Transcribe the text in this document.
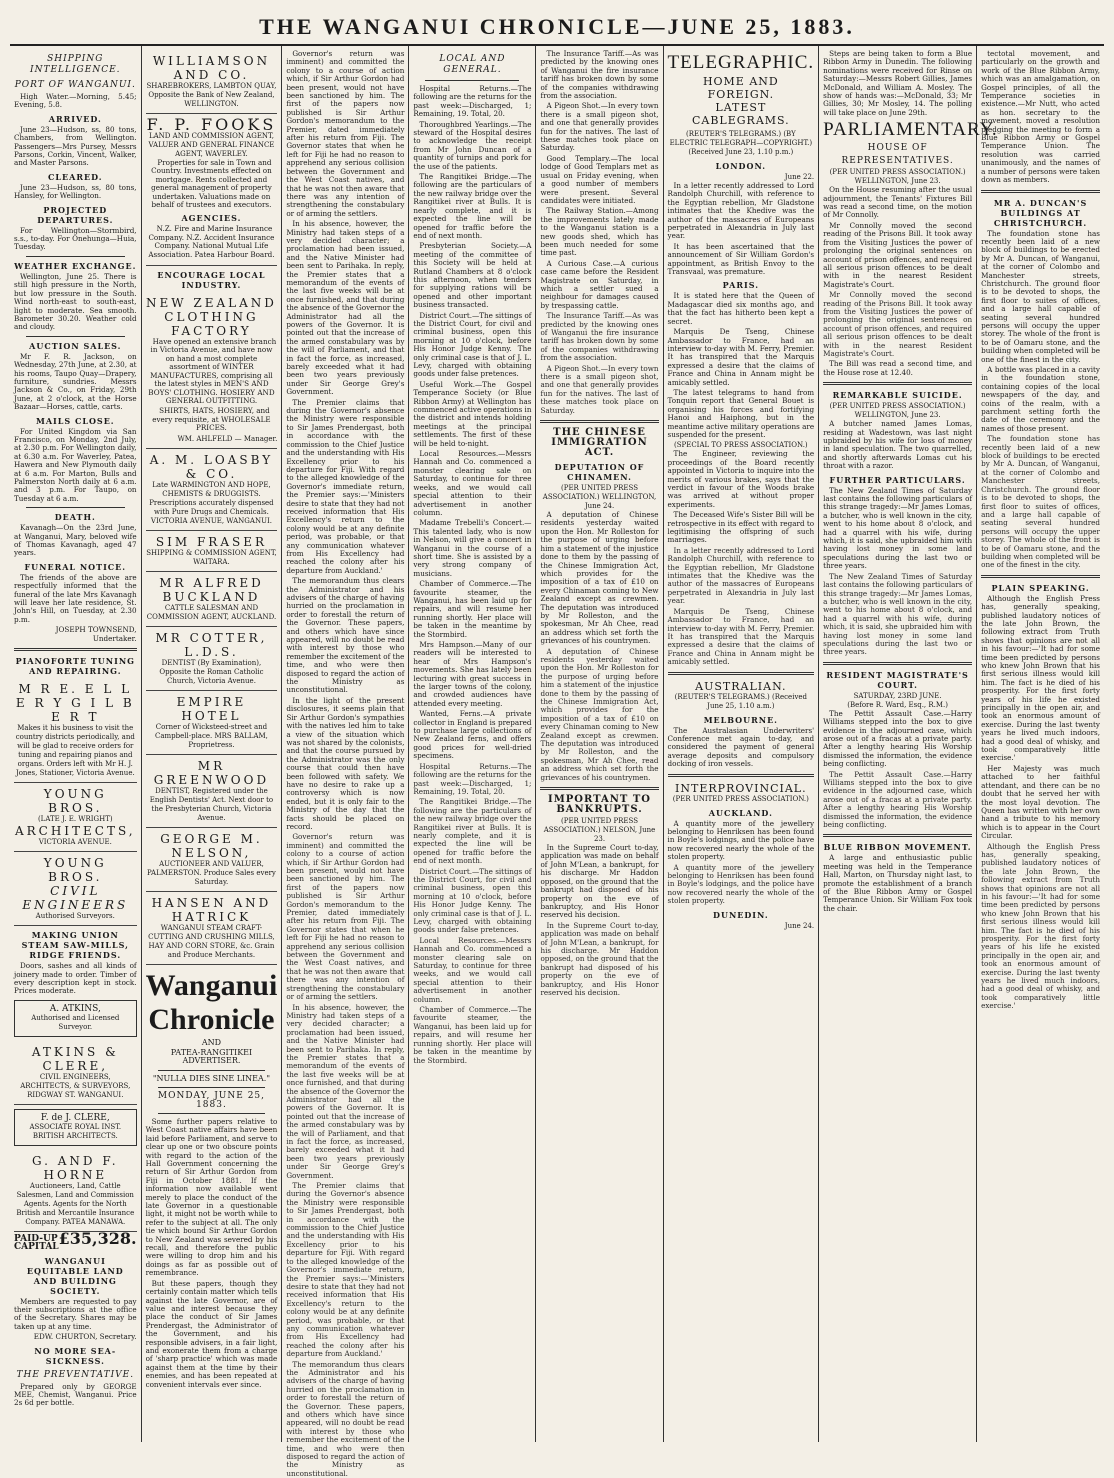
THE WANGANUI CHRONICLE—JUNE 25, 1883.
SHIPPING INTELLIGENCE.
PORT OF WANGANUI.

High Water.—Morning, 5.45; Evening, 5.8.

ARRIVED.

June 23—Hudson, ss, 80 tons, Chambers, from Wellington. Passengers—Mrs Pursey, Messrs Parsons, Corkin, Vincent, Walker, and Master Parsons.

CLEARED.

June 23—Hudson, ss, 80 tons, Hansley, for Wellington.

PROJECTED DEPARTURES.

For Wellington—Stormbird, s.s., to-day. For Onehunga—Huia, Tuesday.

WEATHER EXCHANGE.

Wellington, June 25. There is still high pressure in the North, but low pressure in the South. Wind north-east to south-east, light to moderate. Sea smooth. Barometer 30.20. Weather cold and cloudy.

AUCTION SALES.

Mr F. R. Jackson, on Wednesday, 27th June, at 2.30, at his rooms, Taupo Quay—Drapery, furniture, sundries. Messrs Jackson & Co., on Friday, 29th June, at 2 o'clock, at the Horse Bazaar—Horses, cattle, carts.

MAILS CLOSE.

For United Kingdom via San Francisco, on Monday, 2nd July, at 2.30 p.m. For Wellington daily, at 6.30 a.m. For Waverley, Patea, Hawera and New Plymouth daily at 6 a.m. For Marton, Bulls and Palmerston North daily at 6 a.m. and 3 p.m. For Taupo, on Tuesday at 6 a.m.

DEATH.

Kavanagh—On the 23rd June, at Wanganui, Mary, beloved wife of Thomas Kavanagh, aged 47 years.

FUNERAL NOTICE.

The friends of the above are respectfully informed that the funeral of the late Mrs Kavanagh will leave her late residence, St. John's Hill, on Tuesday, at 2.30 p.m.

JOSEPH TOWNSEND, Undertaker.

PIANOFORTE TUNING AND REPAIRING.
M R E. E L L E R Y G I L B E R T
Makes it his business to visit the country districts periodically, and will be glad to receive orders for tuning and repairing pianos and organs. Orders left with Mr H. J. Jones, Stationer, Victoria Avenue.
YOUNG BROS.
(LATE J. E. WRIGHT)
ARCHITECTS,
VICTORIA AVENUE.
YOUNG BROS.
CIVIL ENGINEERS
Authorised Surveyors.
MAKING UNION STEAM SAW-MILLS, RIDGE FRIENDS.

Doors, sashes and all kinds of joinery made to order. Timber of every description kept in stock. Prices moderate.

A. ATKINS,
Authorised and Licensed Surveyor.
ATKINS & CLERE,
CIVIL ENGINEERS, ARCHITECTS, & SURVEYORS, RIDGWAY ST. WANGANUI.
F. de J. CLERE,
ASSOCIATE ROYAL INST. BRITISH ARCHITECTS.
G. AND F. HORNE
Auctioneers, Land, Cattle Salesmen, Land and Commission Agents. Agents for the North British and Mercantile Insurance Company. PATEA MANAWA.
PAID-UP CAPITAL £35,328.
WANGANUI EQUITABLE LAND AND BUILDING SOCIETY.

Members are requested to pay their subscriptions at the office of the Secretary. Shares may be taken up at any time.

EDW. CHURTON, Secretary.

NO MORE SEA-SICKNESS.
THE PREVENTATIVE.

Prepared only by GEORGE MEE, Chemist, Wanganui. Price 2s 6d per bottle.

WILLIAMSON AND CO.
SHAREBROKERS, LAMBTON QUAY, Opposite the Bank of New Zealand, WELLINGTON.
F. P. FOOKS
LAND AND COMMISSION AGENT, VALUER AND GENERAL FINANCE AGENT, WAVERLEY.

Properties for sale in Town and Country. Investments effected on mortgage. Rents collected and general management of property undertaken. Valuations made on behalf of trustees and executors.

AGENCIES.

N.Z. Fire and Marine Insurance Company. N.Z. Accident Insurance Company. National Mutual Life Association. Patea Harbour Board.

ENCOURAGE LOCAL INDUSTRY.
NEW ZEALAND CLOTHING FACTORY

Have opened an extensive branch in Victoria Avenue, and have now on hand a most complete assortment of WINTER MANUFACTURES, comprising all the latest styles in MEN'S AND BOYS' CLOTHING. HOSIERY AND GENERAL OUTFITTING.

SHIRTS, HATS, HOSIERY, and every requisite, at WHOLESALE PRICES.

WM. AHLFELD — Manager.
A. M. LOASBY & CO.
Late WARMINGTON AND HOPE, CHEMISTS & DRUGGISTS.
Prescriptions accurately dispensed with Pure Drugs and Chemicals. VICTORIA AVENUE, WANGANUI.
SIM FRASER
SHIPPING & COMMISSION AGENT, WAITARA.
MR ALFRED BUCKLAND
CATTLE SALESMAN AND COMMISSION AGENT, AUCKLAND.
MR COTTER, L.D.S.
DENTIST (By Examination), Opposite the Roman Catholic Church, Victoria Avenue.
EMPIRE HOTEL
Corner of Wicksteed-street and Campbell-place. MRS BALLAM, Proprietress.
MR GREENWOOD
DENTIST, Registered under the English Dentists' Act. Next door to the Presbyterian Church, Victoria Avenue.
GEORGE M. NELSON,
AUCTIONEER AND VALUER, PALMERSTON. Produce Sales every Saturday.
HANSEN AND HATRICK
WANGANUI STEAM CRAFT-CUTTING AND CRUSHING MILLS, HAY AND CORN STORE, &c. Grain and Produce Merchants.
Wanganui Chronicle
AND
PATEA-RANGITIKEI ADVERTISER.
"NULLA DIES SINE LINEA."
MONDAY, JUNE 25, 1883.

Some further papers relative to West Coast native affairs have been laid before Parliament, and serve to clear up one or two obscure points with regard to the action of the Hall Government concerning the return of Sir Arthur Gordon from Fiji in October 1881. If the information now available went merely to place the conduct of the late Governor in a questionable light, it might not be worth while to refer to the subject at all. The only tie which bound Sir Arthur Gordon to New Zealand was severed by his recall, and therefore the public were willing to drop him and his doings as far as possible out of remembrance.

But these papers, though they certainly contain matter which tells against the late Governor, are of value and interest because they place the conduct of Sir James Prendergast, the Administrator of the Government, and his responsible advisers, in a fair light, and exonerate them from a charge of 'sharp practice' which was made against them at the time by their enemies, and has been repeated at convenient intervals ever since.

Governor's return was imminent) and committed the colony to a course of action which, if Sir Arthur Gordon had been present, would not have been sanctioned by him. The first of the papers now published is Sir Arthur Gordon's memorandum to the Premier, dated immediately after his return from Fiji. The Governor states that when he left for Fiji he had no reason to apprehend any serious collision between the Government and the West Coast natives, and that he was not then aware that there was any intention of strengthening the constabulary or of arming the settlers.

In his absence, however, the Ministry had taken steps of a very decided character; a proclamation had been issued, and the Native Minister had been sent to Parihaka. In reply, the Premier states that a memorandum of the events of the last five weeks will be at once furnished, and that during the absence of the Governor the Administrator had all the powers of the Governor. It is pointed out that the increase of the armed constabulary was by the will of Parliament, and that in fact the force, as increased, barely exceeded what it had been two years previously under Sir George Grey's Government.

The Premier claims that during the Governor's absence the Ministry were responsible to Sir James Prendergast, both in accordance with the commission to the Chief Justice and the understanding with His Excellency prior to his departure for Fiji. With regard to the alleged knowledge of the Governor's immediate return, the Premier says:—'Ministers desire to state that they had not received information that His Excellency's return to the colony would be at any definite period, was probable, or that any communication whatever from His Excellency had reached the colony after his departure from Auckland.'

The memorandum thus clears the Administrator and his advisers of the charge of having hurried on the proclamation in order to forestall the return of the Governor. These papers, and others which have since appeared, will no doubt be read with interest by those who remember the excitement of the time, and who were then disposed to regard the action of the Ministry as unconstitutional.

In the light of the present disclosures, it seems plain that Sir Arthur Gordon's sympathies with the natives led him to take a view of the situation which was not shared by the colonists, and that the course pursued by the Administrator was the only course that could then have been followed with safety. We have no desire to rake up a controversy which is now ended, but it is only fair to the Ministry of the day that the facts should be placed on record.

Governor's return was imminent) and committed the colony to a course of action which, if Sir Arthur Gordon had been present, would not have been sanctioned by him. The first of the papers now published is Sir Arthur Gordon's memorandum to the Premier, dated immediately after his return from Fiji. The Governor states that when he left for Fiji he had no reason to apprehend any serious collision between the Government and the West Coast natives, and that he was not then aware that there was any intention of strengthening the constabulary or of arming the settlers.

In his absence, however, the Ministry had taken steps of a very decided character; a proclamation had been issued, and the Native Minister had been sent to Parihaka. In reply, the Premier states that a memorandum of the events of the last five weeks will be at once furnished, and that during the absence of the Governor the Administrator had all the powers of the Governor. It is pointed out that the increase of the armed constabulary was by the will of Parliament, and that in fact the force, as increased, barely exceeded what it had been two years previously under Sir George Grey's Government.

The Premier claims that during the Governor's absence the Ministry were responsible to Sir James Prendergast, both in accordance with the commission to the Chief Justice and the understanding with His Excellency prior to his departure for Fiji. With regard to the alleged knowledge of the Governor's immediate return, the Premier says:—'Ministers desire to state that they had not received information that His Excellency's return to the colony would be at any definite period, was probable, or that any communication whatever from His Excellency had reached the colony after his departure from Auckland.'

The memorandum thus clears the Administrator and his advisers of the charge of having hurried on the proclamation in order to forestall the return of the Governor. These papers, and others which have since appeared, will no doubt be read with interest by those who remember the excitement of the time, and who were then disposed to regard the action of the Ministry as unconstitutional.

LOCAL AND GENERAL.

Hospital Returns.—The following are the returns for the past week:—Discharged, 1; Remaining, 19. Total, 20.

Thoroughbred Yearlings.—The steward of the Hospital desires to acknowledge the receipt from Mr John Duncan of a quantity of turnips and pork for the use of the patients.

The Rangitikei Bridge.—The following are the particulars of the new railway bridge over the Rangitikei river at Bulls. It is nearly complete, and it is expected the line will be opened for traffic before the end of next month.

Presbyterian Society.—A meeting of the committee of this Society will be held at Rutland Chambers at 8 o'clock this afternoon, when tenders for supplying rations will be opened and other important business transacted.

District Court.—The sittings of the District Court, for civil and criminal business, open this morning at 10 o'clock, before His Honor Judge Kenny. The only criminal case is that of J. L. Levy, charged with obtaining goods under false pretences.

Useful Work.—The Gospel Temperance Society (or Blue Ribbon Army) at Wellington has commenced active operations in the district and intends holding meetings at the principal settlements. The first of these will be held to-night.

Local Resources.—Messrs Hannah and Co. commenced a monster clearing sale on Saturday, to continue for three weeks, and we would call special attention to their advertisement in another column.

Madame Trebelli's Concert.—This talented lady, who is now in Nelson, will give a concert in Wanganui in the course of a short time. She is assisted by a very strong company of musicians.

Chamber of Commerce.—The favourite steamer, the Wanganui, has been laid up for repairs, and will resume her running shortly. Her place will be taken in the meantime by the Stormbird.

Mrs Hampson.—Many of our readers will be interested to hear of Mrs Hampson's movements. She has lately been lecturing with great success in the larger towns of the colony, and crowded audiences have attended every meeting.

Wanted, Ferns.—A private collector in England is prepared to purchase large collections of New Zealand ferns, and offers good prices for well-dried specimens.

Hospital Returns.—The following are the returns for the past week:—Discharged, 1; Remaining, 19. Total, 20.

The Rangitikei Bridge.—The following are the particulars of the new railway bridge over the Rangitikei river at Bulls. It is nearly complete, and it is expected the line will be opened for traffic before the end of next month.

District Court.—The sittings of the District Court, for civil and criminal business, open this morning at 10 o'clock, before His Honor Judge Kenny. The only criminal case is that of J. L. Levy, charged with obtaining goods under false pretences.

Local Resources.—Messrs Hannah and Co. commenced a monster clearing sale on Saturday, to continue for three weeks, and we would call special attention to their advertisement in another column.

Chamber of Commerce.—The favourite steamer, the Wanganui, has been laid up for repairs, and will resume her running shortly. Her place will be taken in the meantime by the Stormbird.

The Insurance Tariff.—As was predicted by the knowing ones of Wanganui the fire insurance tariff has broken down by some of the companies withdrawing from the association.

A Pigeon Shot.—In every town there is a small pigeon shot, and one that generally provides fun for the natives. The last of these matches took place on Saturday.

Good Templary.—The local lodge of Good Templars met as usual on Friday evening, when a good number of members were present. Several candidates were initiated.

The Railway Station.—Among the improvements lately made to the Wanganui station is a new goods shed, which has been much needed for some time past.

A Curious Case.—A curious case came before the Resident Magistrate on Saturday, in which a settler sued a neighbour for damages caused by trespassing cattle.

The Insurance Tariff.—As was predicted by the knowing ones of Wanganui the fire insurance tariff has broken down by some of the companies withdrawing from the association.

A Pigeon Shot.—In every town there is a small pigeon shot, and one that generally provides fun for the natives. The last of these matches took place on Saturday.

THE CHINESE IMMIGRATION ACT.
DEPUTATION OF CHINAMEN.
(PER UNITED PRESS ASSOCIATION.) WELLINGTON, June 24.

A deputation of Chinese residents yesterday waited upon the Hon. Mr Rolleston for the purpose of urging before him a statement of the injustice done to them by the passing of the Chinese Immigration Act, which provides for the imposition of a tax of £10 on every Chinaman coming to New Zealand except as crewmen. The deputation was introduced by Mr Rolleston, and the spokesman, Mr Ah Chee, read an address which set forth the grievances of his countrymen.

A deputation of Chinese residents yesterday waited upon the Hon. Mr Rolleston for the purpose of urging before him a statement of the injustice done to them by the passing of the Chinese Immigration Act, which provides for the imposition of a tax of £10 on every Chinaman coming to New Zealand except as crewmen. The deputation was introduced by Mr Rolleston, and the spokesman, Mr Ah Chee, read an address which set forth the grievances of his countrymen.

IMPORTANT TO BANKRUPTS.
(PER UNITED PRESS ASSOCIATION.) NELSON, June 23.

In the Supreme Court to-day, application was made on behalf of John M'Lean, a bankrupt, for his discharge. Mr Haddon opposed, on the ground that the bankrupt had disposed of his property on the eve of bankruptcy, and His Honor reserved his decision.

In the Supreme Court to-day, application was made on behalf of John M'Lean, a bankrupt, for his discharge. Mr Haddon opposed, on the ground that the bankrupt had disposed of his property on the eve of bankruptcy, and His Honor reserved his decision.

TELEGRAPHIC.
HOME AND FOREIGN.
LATEST CABLEGRAMS.
(REUTER'S TELEGRAMS.) (BY ELECTRIC TELEGRAPH—COPYRIGHT.) (Received June 23, 1.10 p.m.)
LONDON.
June 22.

In a letter recently addressed to Lord Randolph Churchill, with reference to the Egyptian rebellion, Mr Gladstone intimates that the Khedive was the author of the massacres of Europeans perpetrated in Alexandria in July last year.

It has been ascertained that the announcement of Sir William Gordon's appointment, as British Envoy to the Transvaal, was premature.

PARIS.

It is stated here that the Queen of Madagascar died six months ago, and that the fact has hitherto been kept a secret.

Marquis De Tseng, Chinese Ambassador to France, had an interview to-day with M. Ferry, Premier. It has transpired that the Marquis expressed a desire that the claims of France and China in Annam might be amicably settled.

The latest telegrams to hand from Tonquin report that General Bouet is organising his forces and fortifying Hanoi and Haiphong, but in the meantime active military operations are suspended for the present.

(SPECIAL TO PRESS ASSOCIATION.)

The Engineer, reviewing the proceedings of the Board recently appointed in Victoria to inquire into the merits of various brakes, says that the verdict in favour of the Woods brake was arrived at without proper experiments.

The Deceased Wife's Sister Bill will be retrospective in its effect with regard to legitimising the offspring of such marriages.

In a letter recently addressed to Lord Randolph Churchill, with reference to the Egyptian rebellion, Mr Gladstone intimates that the Khedive was the author of the massacres of Europeans perpetrated in Alexandria in July last year.

Marquis De Tseng, Chinese Ambassador to France, had an interview to-day with M. Ferry, Premier. It has transpired that the Marquis expressed a desire that the claims of France and China in Annam might be amicably settled.

AUSTRALIAN.
(REUTER'S TELEGRAMS.) (Received June 25, 1.10 a.m.)
MELBOURNE.

The Australasian Underwriters' Conference met again to-day, and considered the payment of general average deposits and compulsory docking of iron vessels.

INTERPROVINCIAL.
(PER UNITED PRESS ASSOCIATION.)
AUCKLAND.

A quantity more of the jewellery belonging to Henriksen has been found in Boyle's lodgings, and the police have now recovered nearly the whole of the stolen property.

A quantity more of the jewellery belonging to Henriksen has been found in Boyle's lodgings, and the police have now recovered nearly the whole of the stolen property.

DUNEDIN.
June 24.

Steps are being taken to form a Blue Ribbon Army in Dunedin. The following nominations were received for Rinse on Saturday:—Messrs Robert Gillies, James McDonald, and William A. Mosley. The show of hands was:—McDonald, 33; Mr Gillies, 30; Mr Mosley, 14. The polling will take place on June 29th.

PARLIAMENTARY.
HOUSE OF REPRESENTATIVES.
(PER UNITED PRESS ASSOCIATION.) WELLINGTON, June 23.

On the House resuming after the usual adjournment, the Tenants' Fixtures Bill was read a second time, on the motion of Mr Connolly.

Mr Connolly moved the second reading of the Prisons Bill. It took away from the Visiting Justices the power of prolonging the original sentences on account of prison offences, and required all serious prison offences to be dealt with in the nearest Resident Magistrate's Court.

Mr Connolly moved the second reading of the Prisons Bill. It took away from the Visiting Justices the power of prolonging the original sentences on account of prison offences, and required all serious prison offences to be dealt with in the nearest Resident Magistrate's Court.

The Bill was read a second time, and the House rose at 12.40.

REMARKABLE SUICIDE.
(PER UNITED PRESS ASSOCIATION.) WELLINGTON, June 23.

A butcher named James Lomas, residing at Wadestown, was last night upbraided by his wife for loss of money in land speculation. The two quarrelled, and shortly afterwards Lomas cut his throat with a razor.

FURTHER PARTICULARS.

The New Zealand Times of Saturday last contains the following particulars of this strange tragedy:—Mr James Lomas, a butcher, who is well known in the city, went to his home about 8 o'clock, and had a quarrel with his wife, during which, it is said, she upbraided him with having lost money in some land speculations during the last two or three years.

The New Zealand Times of Saturday last contains the following particulars of this strange tragedy:—Mr James Lomas, a butcher, who is well known in the city, went to his home about 8 o'clock, and had a quarrel with his wife, during which, it is said, she upbraided him with having lost money in some land speculations during the last two or three years.

RESIDENT MAGISTRATE'S COURT.
SATURDAY, 23RD JUNE.
(Before R. Ward, Esq., R.M.)

The Pettit Assault Case.—Harry Williams stepped into the box to give evidence in the adjourned case, which arose out of a fracas at a private party. After a lengthy hearing His Worship dismissed the information, the evidence being conflicting.

The Pettit Assault Case.—Harry Williams stepped into the box to give evidence in the adjourned case, which arose out of a fracas at a private party. After a lengthy hearing His Worship dismissed the information, the evidence being conflicting.

BLUE RIBBON MOVEMENT.

A large and enthusiastic public meeting was held in the Temperance Hall, Marton, on Thursday night last, to promote the establishment of a branch of the Blue Ribbon Army or Gospel Temperance Union. Sir William Fox took the chair.

tectotal movement, and particularly on the growth and work of the Blue Ribbon Army, which was an amalgamation, on Gospel principles, of all the Temperance societies in existence.—Mr Nutt, who acted as hon. secretary to the movement, moved a resolution pledging the meeting to form a Blue Ribbon Army or Gospel Temperance Union. The resolution was carried unanimously, and the names of a number of persons were taken down as members.

MR A. DUNCAN'S BUILDINGS AT CHRISTCHURCH.

The foundation stone has recently been laid of a new block of buildings to be erected by Mr A. Duncan, of Wanganui, at the corner of Colombo and Manchester streets, Christchurch. The ground floor is to be devoted to shops, the first floor to suites of offices, and a large hall capable of seating several hundred persons will occupy the upper storey. The whole of the front is to be of Oamaru stone, and the building when completed will be one of the finest in the city.

A bottle was placed in a cavity in the foundation stone, containing copies of the local newspapers of the day, and coins of the realm, with a parchment setting forth the date of the ceremony and the names of those present.

The foundation stone has recently been laid of a new block of buildings to be erected by Mr A. Duncan, of Wanganui, at the corner of Colombo and Manchester streets, Christchurch. The ground floor is to be devoted to shops, the first floor to suites of offices, and a large hall capable of seating several hundred persons will occupy the upper storey. The whole of the front is to be of Oamaru stone, and the building when completed will be one of the finest in the city.

PLAIN SPEAKING.

Although the English Press has, generally speaking, published laudatory notices of the late John Brown, the following extract from Truth shows that opinions are not all in his favour:—'It had for some time been predicted by persons who knew John Brown that his first serious illness would kill him. The fact is he died of his prosperity. For the first forty years of his life he existed principally in the open air, and took an enormous amount of exercise. During the last twenty years he lived much indoors, had a good deal of whisky, and took comparatively little exercise.'

Her Majesty was much attached to her faithful attendant, and there can be no doubt that he served her with the most loyal devotion. The Queen has written with her own hand a tribute to his memory which is to appear in the Court Circular.

Although the English Press has, generally speaking, published laudatory notices of the late John Brown, the following extract from Truth shows that opinions are not all in his favour:—'It had for some time been predicted by persons who knew John Brown that his first serious illness would kill him. The fact is he died of his prosperity. For the first forty years of his life he existed principally in the open air, and took an enormous amount of exercise. During the last twenty years he lived much indoors, had a good deal of whisky, and took comparatively little exercise.'
